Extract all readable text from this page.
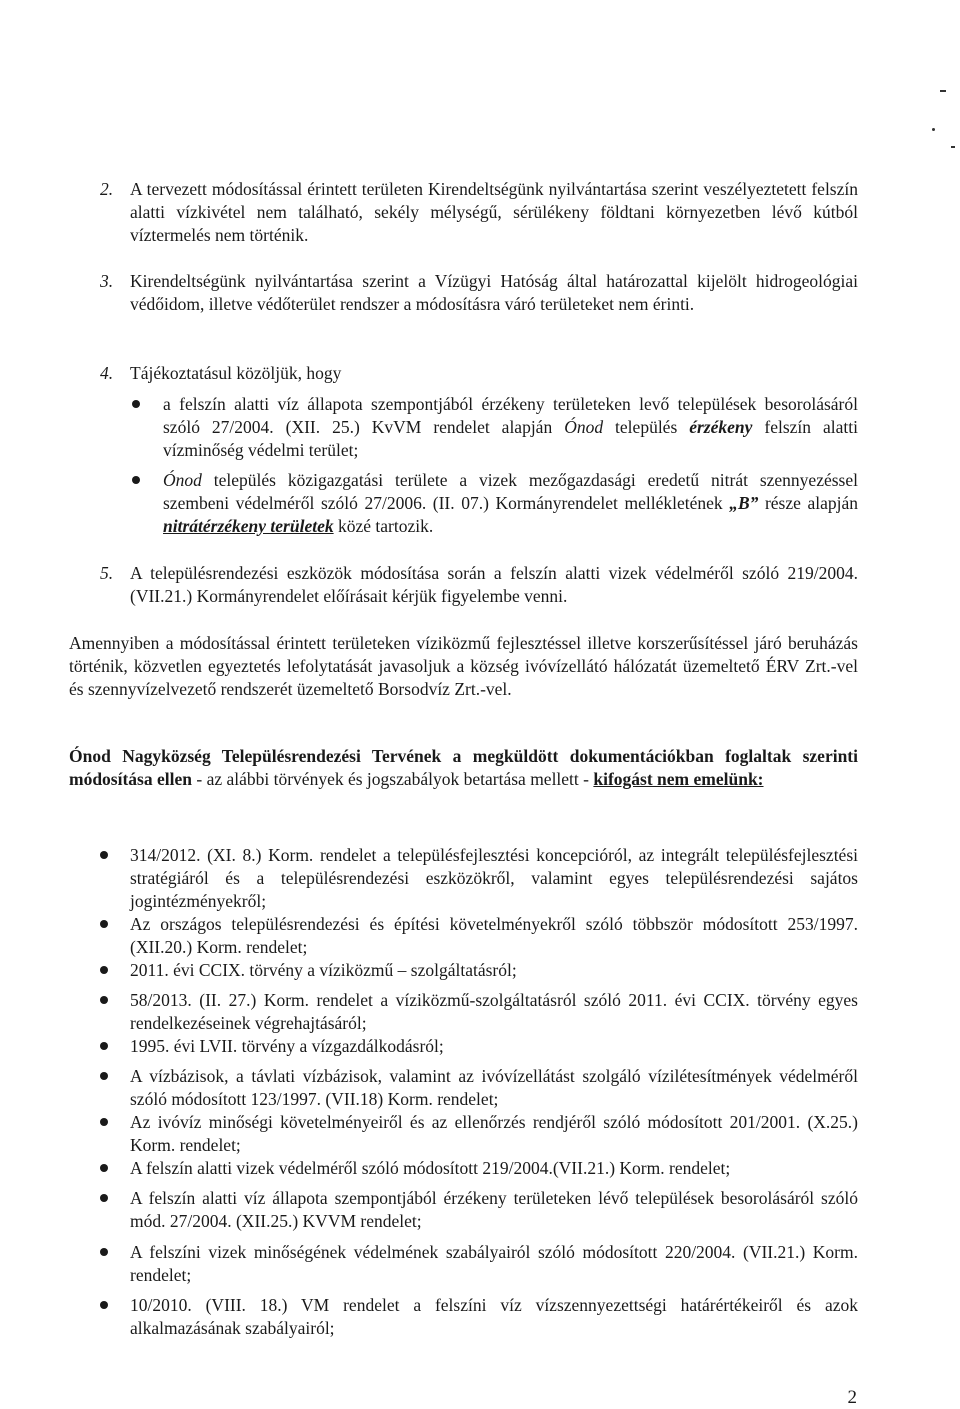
2. A tervezett módosítással érintett területen Kirendeltségünk nyilvántartása szerint veszélyeztetett felszín alatti vízkivétel nem található, sekély mélységű, sérülékeny földtani környezetben lévő kútból víztermelés nem történik.
3. Kirendeltségünk nyilvántartása szerint a Vízügyi Hatóság által határozattal kijelölt hidrogeológiai védőidom, illetve védőterület rendszer a módosításra váró területeket nem érinti.
4. Tájékoztatásul közöljük, hogy
a felszín alatti víz állapota szempontjából érzékeny területeken levő települések besorolásáról szóló 27/2004. (XII. 25.) KvVM rendelet alapján Ónod település érzékeny felszín alatti vízminőség védelmi terület;
Ónod település közigazgatási területe a vizek mezőgazdasági eredetű nitrát szennyezéssel szembeni védelméről szóló 27/2006. (II. 07.) Kormányrendelet mellékletének „B” része alapján nitrátérzékeny területek közé tartozik.
5. A településrendezési eszközök módosítása során a felszín alatti vizek védelméről szóló 219/2004. (VII.21.) Kormányrendelet előírásait kérjük figyelembe venni.
Amennyiben a módosítással érintett területeken víziközmű fejlesztéssel illetve korszerűsítéssel járó beruházás történik, közvetlen egyeztetés lefolytatását javasoljuk a község ivóvízellátó hálózatát üzemeltető ÉRV Zrt.-vel és szennyvízelvezető rendszerét üzemeltető Borsodvíz Zrt.-vel.
Ónod Nagyközség Településrendezési Tervének a megküldött dokumentációkban foglaltak szerinti módosítása ellen - az alábbi törvények és jogszabályok betartása mellett - kifogást nem emelünk:
314/2012. (XI. 8.) Korm. rendelet a településfejlesztési koncepcióról, az integrált településfejlesztési stratégiáról és a településrendezési eszközökről, valamint egyes településrendezési sajátos jogintézményekről;
Az országos településrendezési és építési követelményekről szóló többször módosított 253/1997. (XII.20.) Korm. rendelet;
2011. évi CCIX. törvény a víziközmű – szolgáltatásról;
58/2013. (II. 27.) Korm. rendelet a víziközmű-szolgáltatásról szóló 2011. évi CCIX. törvény egyes rendelkezéseinek végrehajtásáról;
1995. évi LVII. törvény a vízgazdálkodásról;
A vízbázisok, a távlati vízbázisok, valamint az ivóvízellátást szolgáló vízilétesítmények védelméről szóló módosított 123/1997. (VII.18) Korm. rendelet;
Az ivóvíz minőségi követelményeiről és az ellenőrzés rendjéről szóló módosított 201/2001. (X.25.) Korm. rendelet;
A felszín alatti vizek védelméről szóló módosított 219/2004.(VII.21.) Korm. rendelet;
A felszín alatti víz állapota szempontjából érzékeny területeken lévő települések besorolásáról szóló mód. 27/2004. (XII.25.) KVVM rendelet;
A felszíni vizek minőségének védelmének szabályairól szóló módosított 220/2004. (VII.21.) Korm. rendelet;
10/2010. (VIII. 18.) VM rendelet a felszíni víz vízszennyezettségi határértékeiről és azok alkalmazásának szabályairól;
2
